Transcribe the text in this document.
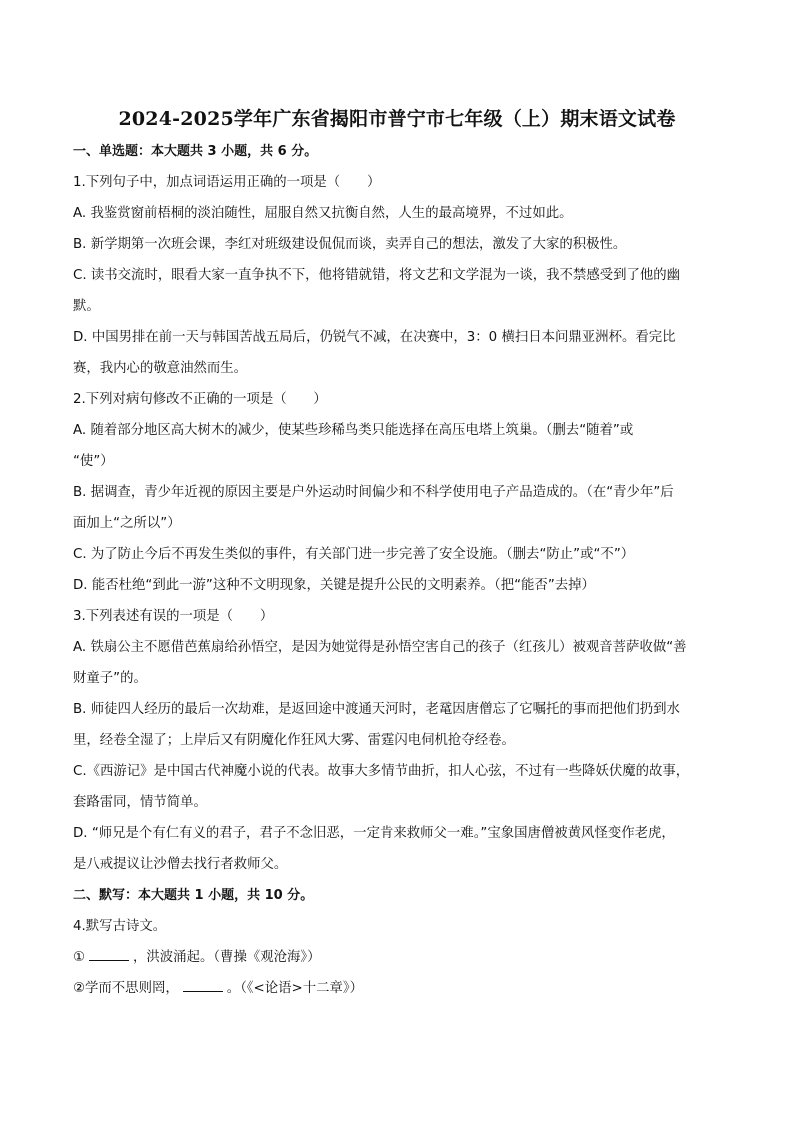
2024-2025学年广东省揭阳市普宁市七年级（上）期末语文试卷
一、单选题：本大题共 3 小题，共 6 分。
1.下列句子中，加点词语运用正确的一项是（　　）
A. 我鉴赏窗前梧桐的淡泊随性，屈服自然又抗衡自然，人生的最高境界，不过如此。
B. 新学期第一次班会课，李红对班级建设侃侃而谈，卖弄自己的想法，激发了大家的积极性。
C. 读书交流时，眼看大家一直争执不下，他将错就错，将文艺和文学混为一谈，我不禁感受到了他的幽
默。
D. 中国男排在前一天与韩国苦战五局后，仍锐气不减，在决赛中，3：0 横扫日本问鼎亚洲杯。看完比
赛，我内心的敬意油然而生。
2.下列对病句修改不正确的一项是（　　）
A. 随着部分地区高大树木的减少，使某些珍稀鸟类只能选择在高压电塔上筑巢。（删去“随着”或
“使”）
B. 据调查，青少年近视的原因主要是户外运动时间偏少和不科学使用电子产品造成的。（在“青少年”后
面加上“之所以”）
C. 为了防止今后不再发生类似的事件，有关部门进一步完善了安全设施。（删去“防止”或“不”）
D. 能否杜绝“到此一游”这种不文明现象，关键是提升公民的文明素养。（把“能否”去掉）
3.下列表述有误的一项是（　　）
A. 铁扇公主不愿借芭蕉扇给孙悟空，是因为她觉得是孙悟空害自己的孩子（红孩儿）被观音菩萨收做“善
财童子”的。
B. 师徒四人经历的最后一次劫难，是返回途中渡通天河时，老鼋因唐僧忘了它嘱托的事而把他们扔到水
里，经卷全湿了；上岸后又有阴魔化作狂风大雾、雷霆闪电伺机抢夺经卷。
C.《西游记》是中国古代神魔小说的代表。故事大多情节曲折，扣人心弦，不过有一些降妖伏魔的故事，
套路雷同，情节简单。
D. “师兄是个有仁有义的君子，君子不念旧恶，一定肯来救师父一难。”宝象国唐僧被黄风怪变作老虎，
是八戒提议让沙僧去找行者救师父。
二、默写：本大题共 1 小题，共 10 分。
4.默写古诗文。
①	，洪波涌起。（曹操《观沧海》）
②学而不思则罔，	。（《<论语>十二章》）
